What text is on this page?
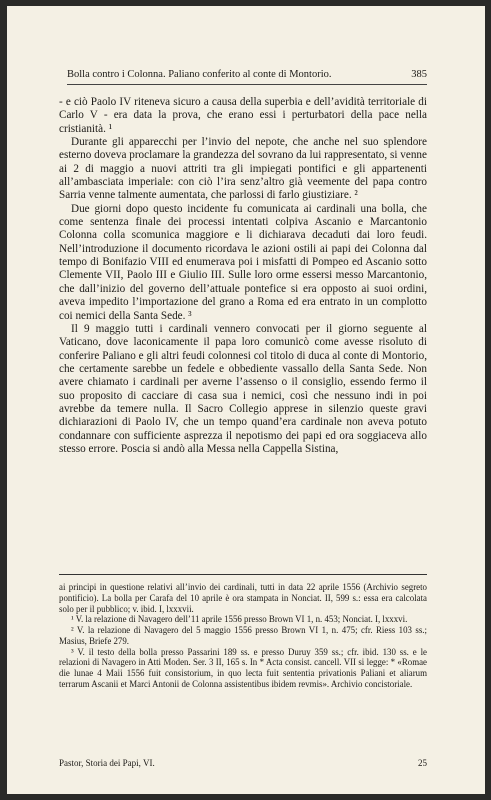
Bolla contro i Colonna. Paliano conferito al conte di Montorio.	385

- e ciò Paolo IV riteneva sicuro a causa della superbia e dell’avidità territoriale di Carlo V - era data la prova, che erano essi i perturbatori della pace nella cristianità. ¹

Durante gli apparecchi per l’invio del nepote, che anche nel suo splendore esterno doveva proclamare la grandezza del sovrano da lui rappresentato, si venne ai 2 di maggio a nuovi attriti tra gli impiegati pontifici e gli appartenenti all’ambasciata imperiale: con ciò l’ira senz’altro già veemente del papa contro Sarria venne talmente aumentata, che parlossi di farlo giustiziare. ²

Due giorni dopo questo incidente fu comunicata ai cardinali una bolla, che come sentenza finale dei processi intentati colpiva Ascanio e Marcantonio Colonna colla scomunica maggiore e li dichiarava decaduti dai loro feudi. Nell’introduzione il documento ricordava le azioni ostili ai papi dei Colonna dal tempo di Bonifazio VIII ed enumerava poi i misfatti di Pompeo ed Ascanio sotto Clemente VII, Paolo III e Giulio III. Sulle loro orme essersi messo Marcantonio, che dall’inizio del governo dell’attuale pontefice si era opposto ai suoi ordini, aveva impedito l’importazione del grano a Roma ed era entrato in un complotto coi nemici della Santa Sede. ³

Il 9 maggio tutti i cardinali vennero convocati per il giorno seguente al Vaticano, dove laconicamente il papa loro comunicò come avesse risoluto di conferire Paliano e gli altri feudi colonnesi col titolo di duca al conte di Montorio, che certamente sarebbe un fedele e obbediente vassallo della Santa Sede. Non avere chiamato i cardinali per averne l’assenso o il consiglio, essendo fermo il suo proposito di cacciare di casa sua i nemici, così che nessuno indi in poi avrebbe da temere nulla. Il Sacro Collegio apprese in silenzio queste gravi dichiarazioni di Paolo IV, che un tempo quand’era cardinale non aveva potuto condannare con sufficiente asprezza il nepotismo dei papi ed ora soggiaceva allo stesso errore. Poscia si andò alla Messa nella Cappella Sistina,

ai principi in questione relativi all’invio dei cardinali, tutti in data 22 aprile 1556 (Archivio segreto pontificio). La bolla per Carafa del 10 aprile è ora stampata in Nonciat. II, 599 s.: essa era calcolata solo per il pubblico; v. ibid. I, lxxxvii.

¹ V. la relazione di Navagero dell’11 aprile 1556 presso Brown VI 1, n. 453; Nonciat. I, lxxxvi.

² V. la relazione di Navagero del 5 maggio 1556 presso Brown VI 1, n. 475; cfr. Riess 103 ss.; Masius, Briefe 279.

³ V. il testo della bolla presso Passarini 189 ss. e presso Duruy 359 ss.; cfr. ibid. 130 ss. e le relazioni di Navagero in Atti Moden. Ser. 3 II, 165 s. In * Acta consist. cancell. VII si legge: * «Romae die lunae 4 Maii 1556 fuit consistorium, in quo lecta fuit sententia privationis Paliani et aliarum terrarum Ascanii et Marci Antonii de Colonna assistentibus ibidem revmis». Archivio concistoriale.

Pastor, Storia dei Papi, VI.	25
